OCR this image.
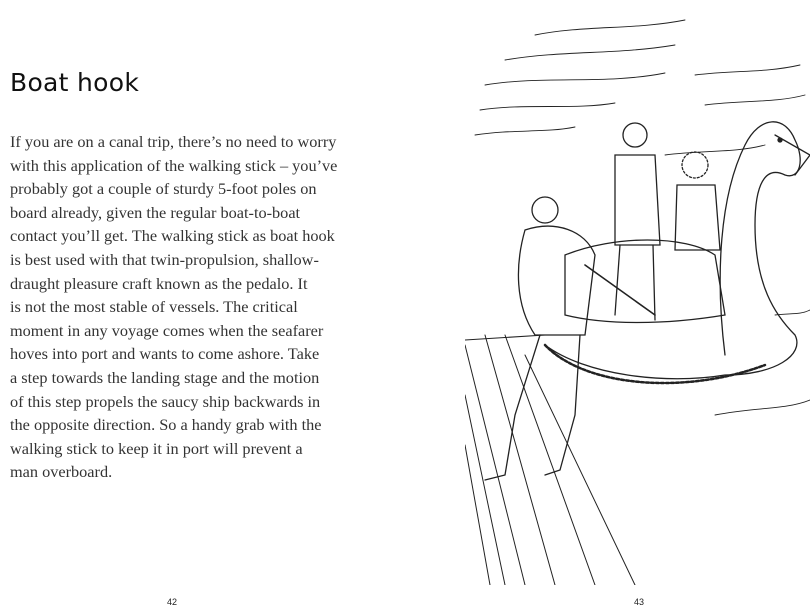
Boat hook
If you are on a canal trip, there’s no need to worry
with this application of the walking stick – you’ve
probably got a couple of sturdy 5-foot poles on
board already, given the regular boat-to-boat
contact you’ll get. The walking stick as boat hook
is best used with that twin-propulsion, shallow-
draught pleasure craft known as the pedalo. It
is not the most stable of vessels. The critical
moment in any voyage comes when the seafarer
hoves into port and wants to come ashore. Take
a step towards the landing stage and the motion
of this step propels the saucy ship backwards in
the opposite direction. So a handy grab with the
walking stick to keep it in port will prevent a
man overboard.
42	43
